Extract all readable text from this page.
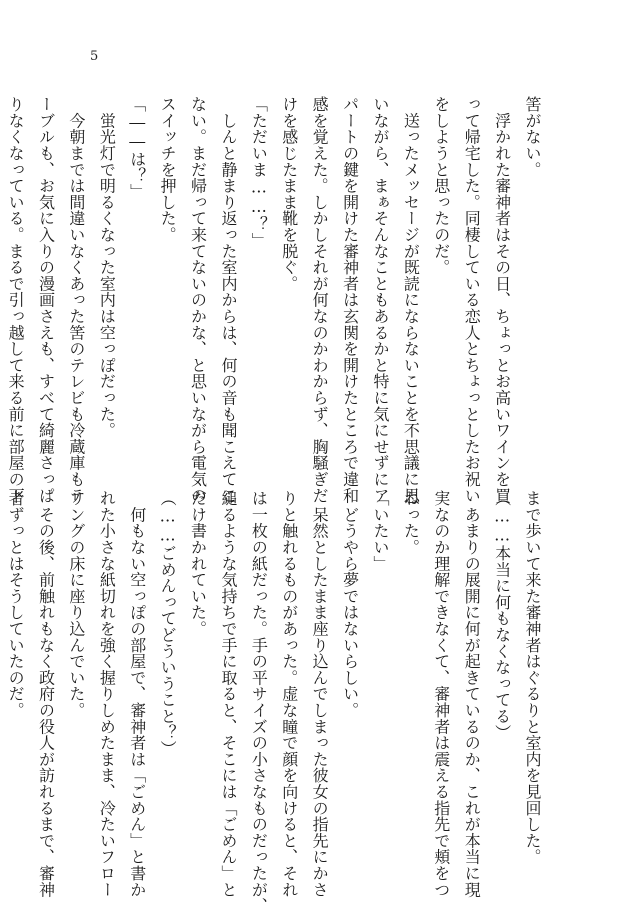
5
筈がない。
　浮かれた審神者はその日、ちょっとお高いワインを買
って帰宅した。同棲している恋人とちょっとしたお祝い
をしようと思ったのだ。
　送ったメッセージが既読にならないことを不思議に思
いながら、まぁそんなこともあるかと特に気にせずにア
パートの鍵を開けた審神者は玄関を開けたところで違和
感を覚えた。しかしそれが何なのかわからず、胸騒ぎだ
けを感じたまま靴を脱ぐ。
「ただいま……？」
　しんと静まり返った室内からは、何の音も聞こえてこ
ない。まだ帰って来てないのかな、と思いながら電気の
スイッチを押した。
「――は？」
　蛍光灯で明るくなった室内は空っぽだった。
　今朝までは間違いなくあった筈のテレビも冷蔵庫もテ
ーブルも、お気に入りの漫画さえも、すべて綺麗さっぱ
りなくなっている。まるで引っ越して来る前に部屋の下
まで歩いて来た審神者はぐるりと室内を見回した。
（……本当に何もなくなってる）
　あまりの展開に何が起きているのか、これが本当に現
実なのか理解できなくて、審神者は震える指先で頬をつ
ねった。
「いたい」
　どうやら夢ではないらしい。
　呆然としたまま座り込んでしまった彼女の指先にかさ
りと触れるものがあった。虚な瞳で顔を向けると、それ
は一枚の紙だった。手の平サイズの小さなものだったが、
縋るような気持ちで手に取ると、そこには「ごめん」と
だけ書かれていた。
（……ごめんってどういうこと？）
　何もない空っぽの部屋で、審神者は「ごめん」と書か
れた小さな紙切れを強く握りしめたまま、冷たいフロー
リングの床に座り込んでいた。
　その後、前触れもなく政府の役人が訪れるまで、審神
者ずっとはそうしていたのだ。
